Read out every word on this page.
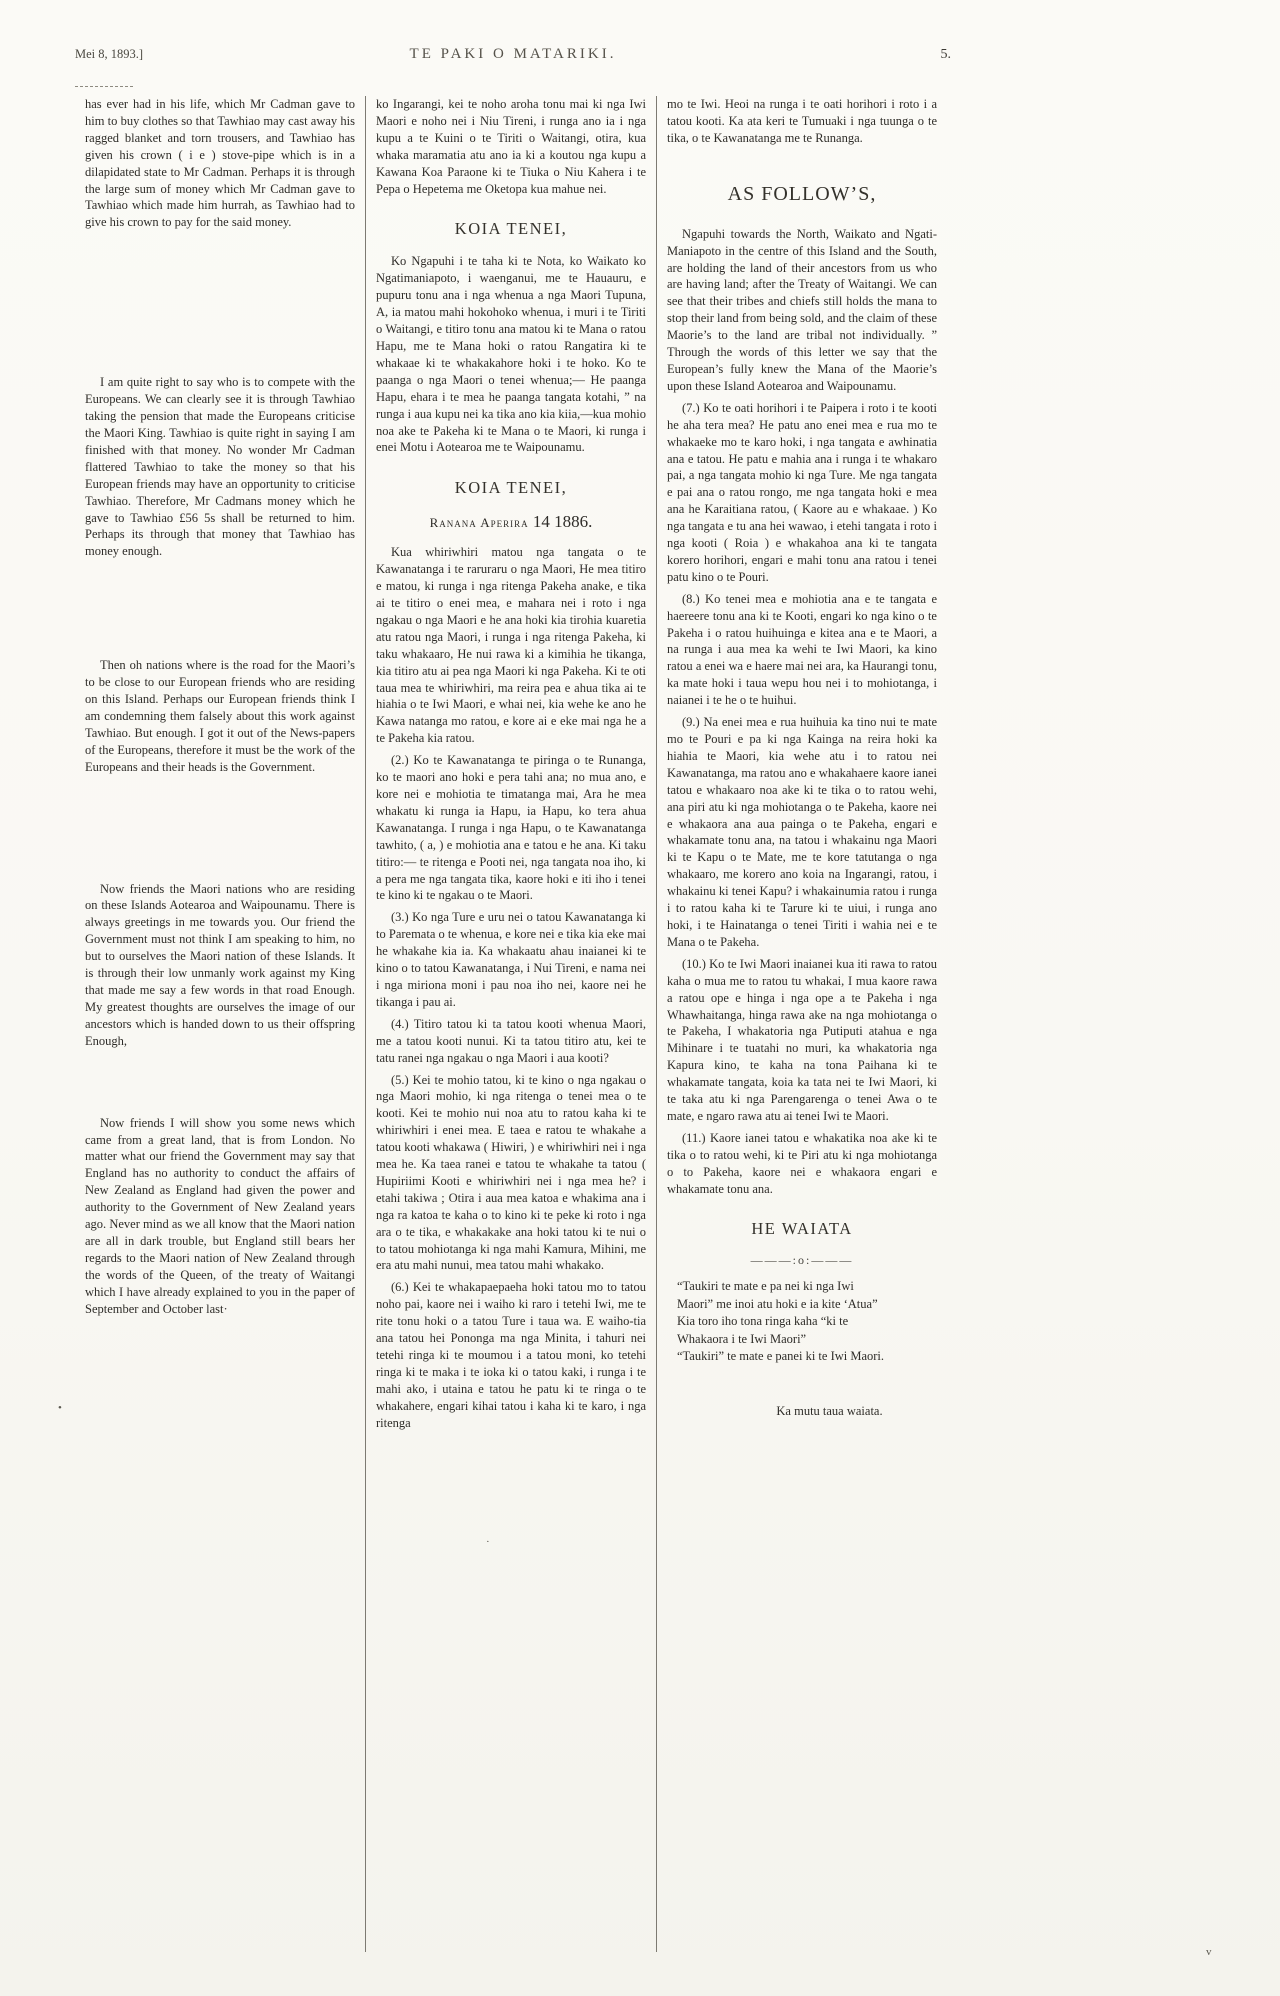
Mei 8, 1893.]	TE PAKI O MATARIKI.	5.

has ever had in his life, which Mr Cadman gave to him to buy clothes so that Tawhiao may cast away his ragged blanket and torn trousers, and Tawhiao has given his crown ( i e ) stove-pipe which is in a dilapidated state to Mr Cadman. Perhaps it is through the large sum of money which Mr Cadman gave to Tawhiao which made him hurrah, as Tawhiao had to give his crown to pay for the said money.

I am quite right to say who is to compete with the Europeans. We can clearly see it is through Tawhiao taking the pension that made the Europeans criticise the Maori King. Tawhiao is quite right in saying I am finished with that money. No wonder Mr Cadman flattered Tawhiao to take the money so that his European friends may have an opportunity to criticise Tawhiao. Therefore, Mr Cadmans money which he gave to Tawhiao £56 5s shall be returned to him. Perhaps its through that money that Tawhiao has money enough.

Then oh nations where is the road for the Maori’s to be close to our European friends who are residing on this Island. Perhaps our European friends think I am condemning them falsely about this work against Tawhiao. But enough. I got it out of the News-papers of the Europeans, therefore it must be the work of the Europeans and their heads is the Government.

Now friends the Maori nations who are residing on these Islands Aotearoa and Waipounamu. There is always greetings in me towards you. Our friend the Government must not think I am speaking to him, no but to ourselves the Maori nation of these Islands. It is through their low unmanly work against my King that made me say a few words in that road Enough. My greatest thoughts are ourselves the image of our ancestors which is handed down to us their offspring Enough,

Now friends I will show you some news which came from a great land, that is from London. No matter what our friend the Government may say that England has no authority to conduct the affairs of New Zealand as England had given the power and authority to the Government of New Zealand years ago. Never mind as we all know that the Maori nation are all in dark trouble, but England still bears her regards to the Maori nation of New Zealand through the words of the Queen, of the treaty of Waitangi which I have already explained to you in the paper of September and October last·

ko Ingarangi, kei te noho aroha tonu mai ki nga Iwi Maori e noho nei i Niu Tireni, i runga ano ia i nga kupu a te Kuini o te Tiriti o Waitangi, otira, kua whaka maramatia atu ano ia ki a koutou nga kupu a Kawana Koa Paraone ki te Tiuka o Niu Kahera i te Pepa o Hepetema me Oketopa kua mahue nei.

KOIA TENEI,

Ko Ngapuhi i te taha ki te Nota, ko Waikato ko Ngatimaniapoto, i waenganui, me te Hauauru, e pupuru tonu ana i nga whenua a nga Maori Tupuna, A, ia matou mahi hokohoko whenua, i muri i te Tiriti o Waitangi, e titiro tonu ana matou ki te Mana o ratou Hapu, me te Mana hoki o ratou Rangatira ki te whakaae ki te whakakahore hoki i te hoko. Ko te paanga o nga Maori o tenei whenua;— He paanga Hapu, ehara i te mea he paanga tangata kotahi, ” na runga i aua kupu nei ka tika ano kia kiia,—kua mohio noa ake te Pakeha ki te Mana o te Maori, ki runga i enei Motu i Aotearoa me te Waipounamu.

KOIA TENEI,

Ranana Aperira 14 1886.

Kua whiriwhiri matou nga tangata o te Kawanatanga i te raruraru o nga Maori, He mea titiro e matou, ki runga i nga ritenga Pakeha anake, e tika ai te titiro o enei mea, e mahara nei i roto i nga ngakau o nga Maori e he ana hoki kia tirohia kuaretia atu ratou nga Maori, i runga i nga ritenga Pakeha, ki taku whakaaro, He nui rawa ki a kimihia he tikanga, kia titiro atu ai pea nga Maori ki nga Pakeha. Ki te oti taua mea te whiriwhiri, ma reira pea e ahua tika ai te hiahia o te Iwi Maori, e whai nei, kia wehe ke ano he Kawa natanga mo ratou, e kore ai e eke mai nga he a te Pakeha kia ratou.

(2.) Ko te Kawanatanga te piringa o te Runanga, ko te maori ano hoki e pera tahi ana; no mua ano, e kore nei e mohiotia te timatanga mai, Ara he mea whakatu ki runga ia Hapu, ia Hapu, ko tera ahua Kawanatanga. I runga i nga Hapu, o te Kawanatanga tawhito, ( a, ) e mohiotia ana e tatou e he ana. Ki taku titiro:— te ritenga e Pooti nei, nga tangata noa iho, ki a pera me nga tangata tika, kaore hoki e iti iho i tenei te kino ki te ngakau o te Maori.

(3.) Ko nga Ture e uru nei o tatou Kawanatanga ki to Paremata o te whenua, e kore nei e tika kia eke mai he whakahe kia ia. Ka whakaatu ahau inaianei ki te kino o to tatou Kawanatanga, i Nui Tireni, e nama nei i nga miriona moni i pau noa iho nei, kaore nei he tikanga i pau ai.

(4.) Titiro tatou ki ta tatou kooti whenua Maori, me a tatou kooti nunui. Ki ta tatou titiro atu, kei te tatu ranei nga ngakau o nga Maori i aua kooti?

(5.) Kei te mohio tatou, ki te kino o nga ngakau o nga Maori mohio, ki nga ritenga o tenei mea o te kooti. Kei te mohio nui noa atu to ratou kaha ki te whiriwhiri i enei mea. E taea e ratou te whakahe a tatou kooti whakawa ( Hiwiri, ) e whiriwhiri nei i nga mea he. Ka taea ranei e tatou te whakahe ta tatou ( Hupiriimi Kooti e whiriwhiri nei i nga mea he? i etahi takiwa ; Otira i aua mea katoa e whakima ana i nga ra katoa te kaha o to kino ki te peke ki roto i nga ara o te tika, e whakakake ana hoki tatou ki te nui o to tatou mohiotanga ki nga mahi Kamura, Mihini, me era atu mahi nunui, mea tatou mahi whakako.

(6.) Kei te whakapaepaeha hoki tatou mo to tatou noho pai, kaore nei i waiho ki raro i tetehi Iwi, me te rite tonu hoki o a tatou Ture i taua wa. E waiho-tia ana tatou hei Pononga ma nga Minita, i tahuri nei tetehi ringa ki te moumou i a tatou moni, ko tetehi ringa ki te maka i te ioka ki o tatou kaki, i runga i te mahi ako, i utaina e tatou he patu ki te ringa o te whakahere, engari kihai tatou i kaha ki te karo, i nga ritenga

mo te Iwi. Heoi na runga i te oati horihori i roto i a tatou kooti. Ka ata keri te Tumuaki i nga tuunga o te tika, o te Kawanatanga me te Runanga.

AS FOLLOW’S,

Ngapuhi towards the North, Waikato and Ngati-Maniapoto in the centre of this Island and the South, are holding the land of their ancestors from us who are having land; after the Treaty of Waitangi. We can see that their tribes and chiefs still holds the mana to stop their land from being sold, and the claim of these Maorie’s to the land are tribal not individually. ” Through the words of this letter we say that the European’s fully knew the Mana of the Maorie’s upon these Island Aotearoa and Waipounamu.

(7.) Ko te oati horihori i te Paipera i roto i te kooti he aha tera mea? He patu ano enei mea e rua mo te whakaeke mo te karo hoki, i nga tangata e awhinatia ana e tatou. He patu e mahia ana i runga i te whakaro pai, a nga tangata mohio ki nga Ture. Me nga tangata e pai ana o ratou rongo, me nga tangata hoki e mea ana he Karaitiana ratou, ( Kaore au e whakaae. ) Ko nga tangata e tu ana hei wawao, i etehi tangata i roto i nga kooti ( Roia ) e whakahoa ana ki te tangata korero horihori, engari e mahi tonu ana ratou i tenei patu kino o te Pouri.

(8.) Ko tenei mea e mohiotia ana e te tangata e haereere tonu ana ki te Kooti, engari ko nga kino o te Pakeha i o ratou huihuinga e kitea ana e te Maori, a na runga i aua mea ka wehi te Iwi Maori, ka kino ratou a enei wa e haere mai nei ara, ka Haurangi tonu, ka mate hoki i taua wepu hou nei i to mohiotanga, i naianei i te he o te huihui.

(9.) Na enei mea e rua huihuia ka tino nui te mate mo te Pouri e pa ki nga Kainga na reira hoki ka hiahia te Maori, kia wehe atu i to ratou nei Kawanatanga, ma ratou ano e whakahaere kaore ianei tatou e whakaaro noa ake ki te tika o to ratou wehi, ana piri atu ki nga mohiotanga o te Pakeha, kaore nei e whakaora ana aua painga o te Pakeha, engari e whakamate tonu ana, na tatou i whakainu nga Maori ki te Kapu o te Mate, me te kore tatutanga o nga whakaaro, me korero ano koia na Ingarangi, ratou, i whakainu ki tenei Kapu? i whakainumia ratou i runga i to ratou kaha ki te Tarure ki te uiui, i runga ano hoki, i te Hainatanga o tenei Tiriti i wahia nei e te Mana o te Pakeha.

(10.) Ko te Iwi Maori inaianei kua iti rawa to ratou kaha o mua me to ratou tu whakai, I mua kaore rawa a ratou ope e hinga i nga ope a te Pakeha i nga Whawhaitanga, hinga rawa ake na nga mohiotanga o te Pakeha, I whakatoria nga Putiputi atahua e nga Mihinare i te tuatahi no muri, ka whakatoria nga Kapura kino, te kaha na tona Paihana ki te whakamate tangata, koia ka tata nei te Iwi Maori, ki te taka atu ki nga Parengarenga o tenei Awa o te mate, e ngaro rawa atu ai tenei Iwi te Maori.

(11.) Kaore ianei tatou e whakatika noa ake ki te tika o to ratou wehi, ki te Piri atu ki nga mohiotanga o to Pakeha, kaore nei e whakaora engari e whakamate tonu ana.

HE WAIATA

———:o:———

“Taukiri te mate e pa nei ki nga Iwi
Maori” me inoi atu hoki e ia kite ‘Atua”
Kia toro iho tona ringa kaha “ki te
Whakaora i te Iwi Maori”
“Taukiri” te mate e panei ki te Iwi Maori.

Ka mutu taua waiata.

•
·
v
